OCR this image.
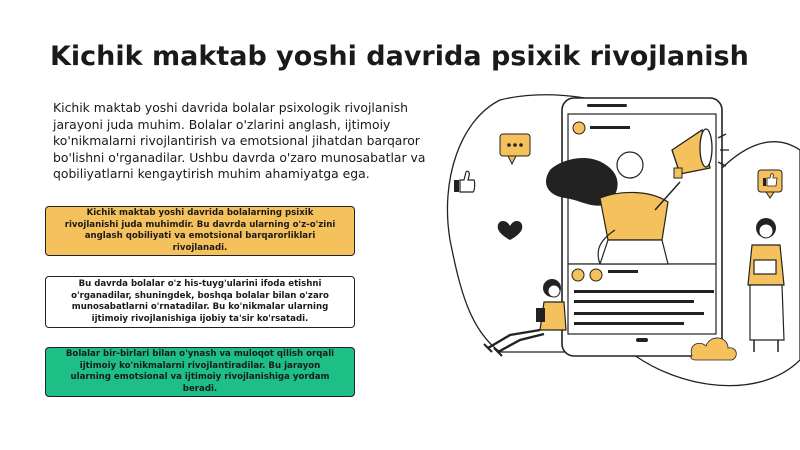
Kichik maktab yoshi davrida psixik rivojlanish
Kichik maktab yoshi davrida bolalar psixologik rivojlanish jarayoni juda muhim. Bolalar o'zlarini anglash, ijtimoiy ko'nikmalarni rivojlantirish va emotsional jihatdan barqaror bo'lishni o'rganadilar. Ushbu davrda o'zaro munosabatlar va qobiliyatlarni kengaytirish muhim ahamiyatga ega.
Kichik maktab yoshi davrida bolalarning psixik rivojlanishi juda muhimdir. Bu davrda ularning o'z-o'zini anglash qobiliyati va emotsional barqarorliklari rivojlanadi.
Bu davrda bolalar o'z his-tuyg'ularini ifoda etishni o'rganadilar, shuningdek, boshqa bolalar bilan o'zaro munosabatlarni o'rnatadilar. Bu ko'nikmalar ularning ijtimoiy rivojlanishiga ijobiy ta'sir ko'rsatadi.
Bolalar bir-birlari bilan o'ynash va muloqot qilish orqali ijtimoiy ko'nikmalarni rivojlantiradilar. Bu jarayon ularning emotsional va ijtimoiy rivojlanishiga yordam beradi.
